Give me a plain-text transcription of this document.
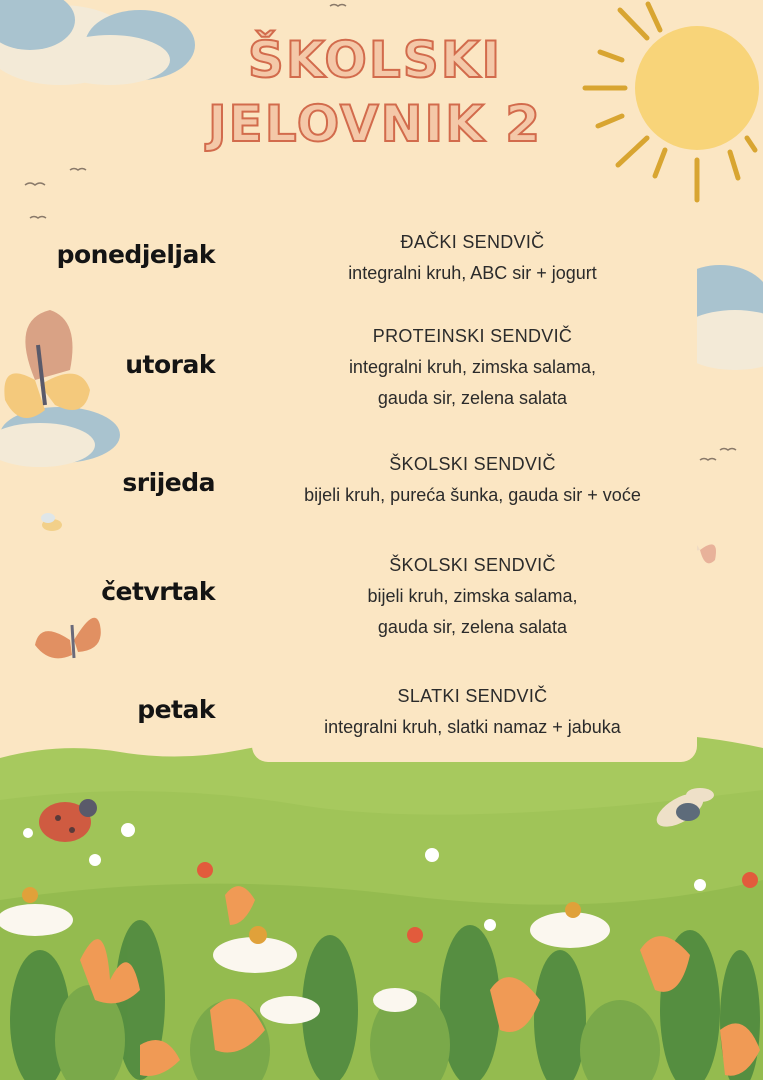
ŠKOLSKI
JELOVNIK 2
ponedjeljak	ĐAČKI SENDVIČ
integralni kruh, ABC sir + jogurt
utorak
PROTEINSKI SENDVIČ
integralni kruh, zimska salama,
gauda sir, zelena salata
srijeda
ŠKOLSKI SENDVIČ
bijeli kruh, pureća šunka, gauda sir + voće
četvrtak
ŠKOLSKI SENDVIČ
bijeli kruh, zimska salama,
gauda sir, zelena salata
petak	SLATKI SENDVIČ
integralni kruh, slatki namaz + jabuka
